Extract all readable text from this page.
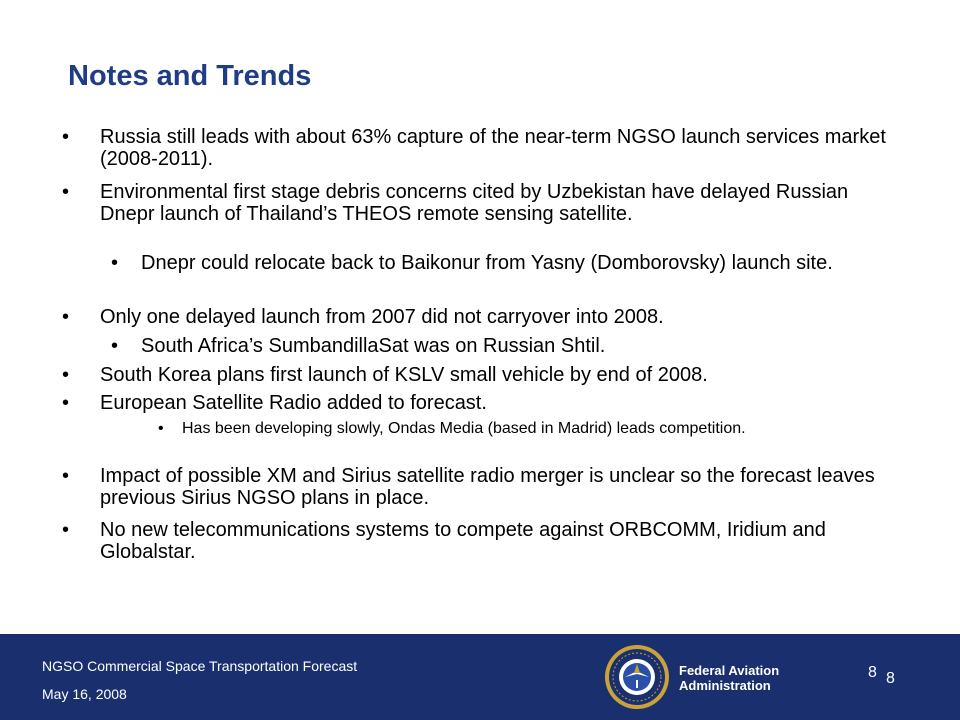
Notes and Trends
• Russia still leads with about 63% capture of the near-term NGSO launch services market (2008-2011).
• Environmental first stage debris concerns cited by Uzbekistan have delayed Russian Dnepr launch of Thailand’s THEOS remote sensing satellite.
• Dnepr could relocate back to Baikonur from Yasny (Domborovsky) launch site.
• Only one delayed launch from 2007 did not carryover into 2008.
• South Africa’s SumbandillaSat was on Russian Shtil.
• South Korea plans first launch of KSLV small vehicle by end of 2008.
• European Satellite Radio added to forecast.
• Has been developing slowly, Ondas Media (based in Madrid) leads competition.
• Impact of possible XM and Sirius satellite radio merger is unclear so the forecast leaves previous Sirius NGSO plans in place.
• No new telecommunications systems to compete against ORBCOMM, Iridium and Globalstar.
NGSO Commercial Space Transportation Forecast
May 16, 2008
Federal Aviation
Administration
8 8
